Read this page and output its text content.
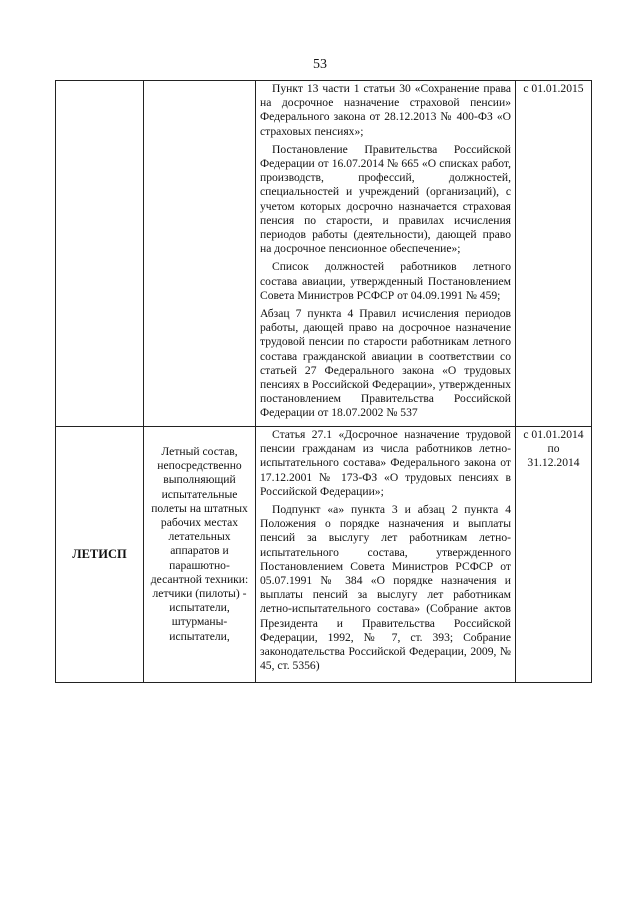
53

		Пункт 13 части 1 статьи 30 «Сохранение права на досрочное назначение страховой пенсии» Федерального закона от 28.12.2013 № 400-ФЗ «О страховых пенсиях»;

Постановление Правительства Российской Федерации от 16.07.2014 № 665 «О списках работ, производств, профессий, должностей, специальностей и учреждений (организаций), с учетом которых досрочно назначается страховая пенсия по старости, и правилах исчисления периодов работы (деятельности), дающей право на досрочное пенсионное обеспечение»;

Список должностей работников летного состава авиации, утвержденный Постановлением Совета Министров РСФСР от 04.09.1991 № 459;

Абзац 7 пункта 4 Правил исчисления периодов работы, дающей право на досрочное назначение трудовой пенсии по старости работникам летного состава гражданской авиации в соответствии со статьей 27 Федерального закона «О трудовых пенсиях в Российской Федерации», утвержденных постановлением Правительства Российской Федерации от 18.07.2002 № 537	с 01.01.2015
ЛЕТИСП	Летный состав, непосредственно выполняющий испытательные полеты на штатных рабочих местах летательных аппаратов и парашютно-десантной техники: летчики (пилоты) - испытатели, штурманы-испытатели,	Статья 27.1 «Досрочное назначение трудовой пенсии гражданам из числа работников летно-испытательного состава» Федерального закона от 17.12.2001 № 173-ФЗ «О трудовых пенсиях в Российской Федерации»;

Подпункт «а» пункта 3 и абзац 2 пункта 4 Положения о порядке назначения и выплаты пенсий за выслугу лет работникам летно-испытательного состава, утвержденного Постановлением Совета Министров РСФСР от 05.07.1991 № 384 «О порядке назначения и выплаты пенсий за выслугу лет работникам летно-испытательного состава» (Собрание актов Президента и Правительства Российской Федерации, 1992, № 7, ст. 393; Собрание законодательства Российской Федерации, 2009, № 45, ст. 5356)	с 01.01.2014 по 31.12.2014
